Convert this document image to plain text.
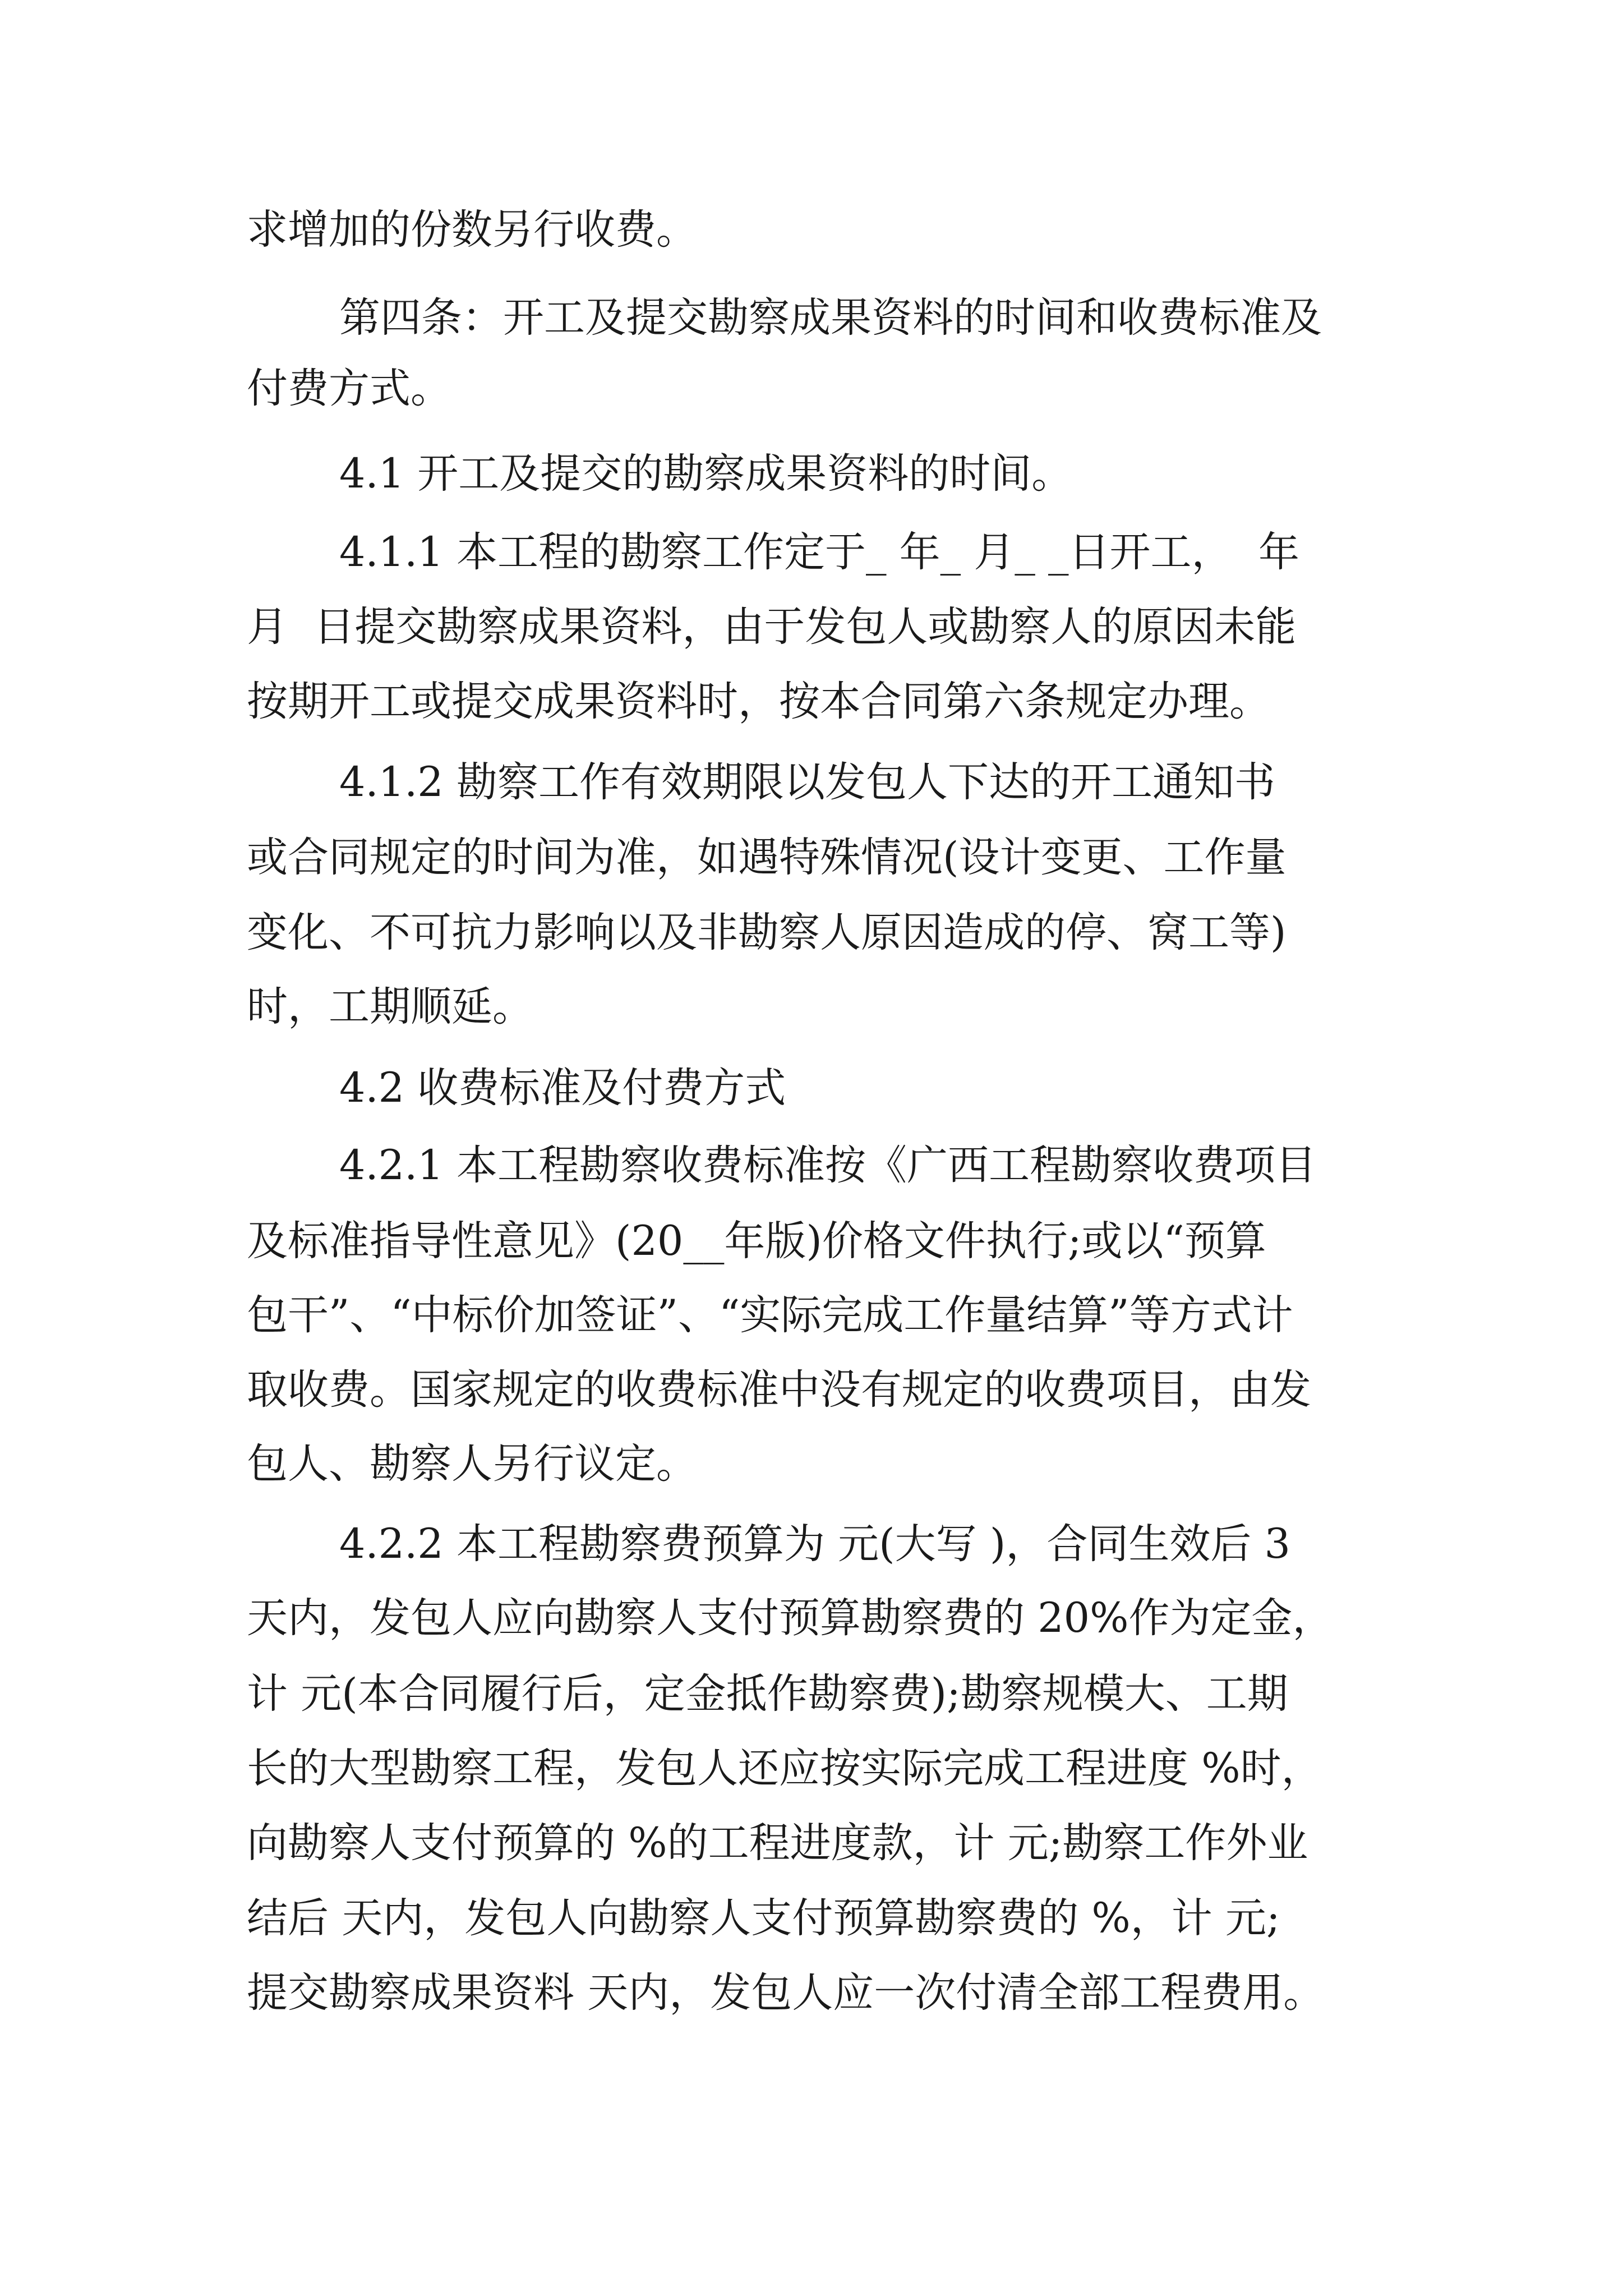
求增加的份数另行收费。
第四条：开工及提交勘察成果资料的时间和收费标准及
付费方式。
4.1 开工及提交的勘察成果资料的时间。
4.1.1 本工程的勘察工作定于_ 年_ 月_ _日开工，  年
月  日提交勘察成果资料，由于发包人或勘察人的原因未能
按期开工或提交成果资料时，按本合同第六条规定办理。
4.1.2 勘察工作有效期限以发包人下达的开工通知书
或合同规定的时间为准，如遇特殊情况(设计变更、工作量
变化、不可抗力影响以及非勘察人原因造成的停、窝工等)
时，工期顺延。
4.2 收费标准及付费方式
4.2.1 本工程勘察收费标准按《广西工程勘察收费项目
及标准指导性意见》(20__年版)价格文件执行;或以“预算
包干”、“中标价加签证”、“实际完成工作量结算”等方式计
取收费。国家规定的收费标准中没有规定的收费项目，由发
包人、勘察人另行议定。
4.2.2 本工程勘察费预算为 元(大写 )，合同生效后 3
天内，发包人应向勘察人支付预算勘察费的 20%作为定金，
计 元(本合同履行后，定金抵作勘察费);勘察规模大、工期
长的大型勘察工程，发包人还应按实际完成工程进度 %时，
向勘察人支付预算的 %的工程进度款，计 元;勘察工作外业
结后 天内，发包人向勘察人支付预算勘察费的 %，计 元;
提交勘察成果资料 天内，发包人应一次付清全部工程费用。
